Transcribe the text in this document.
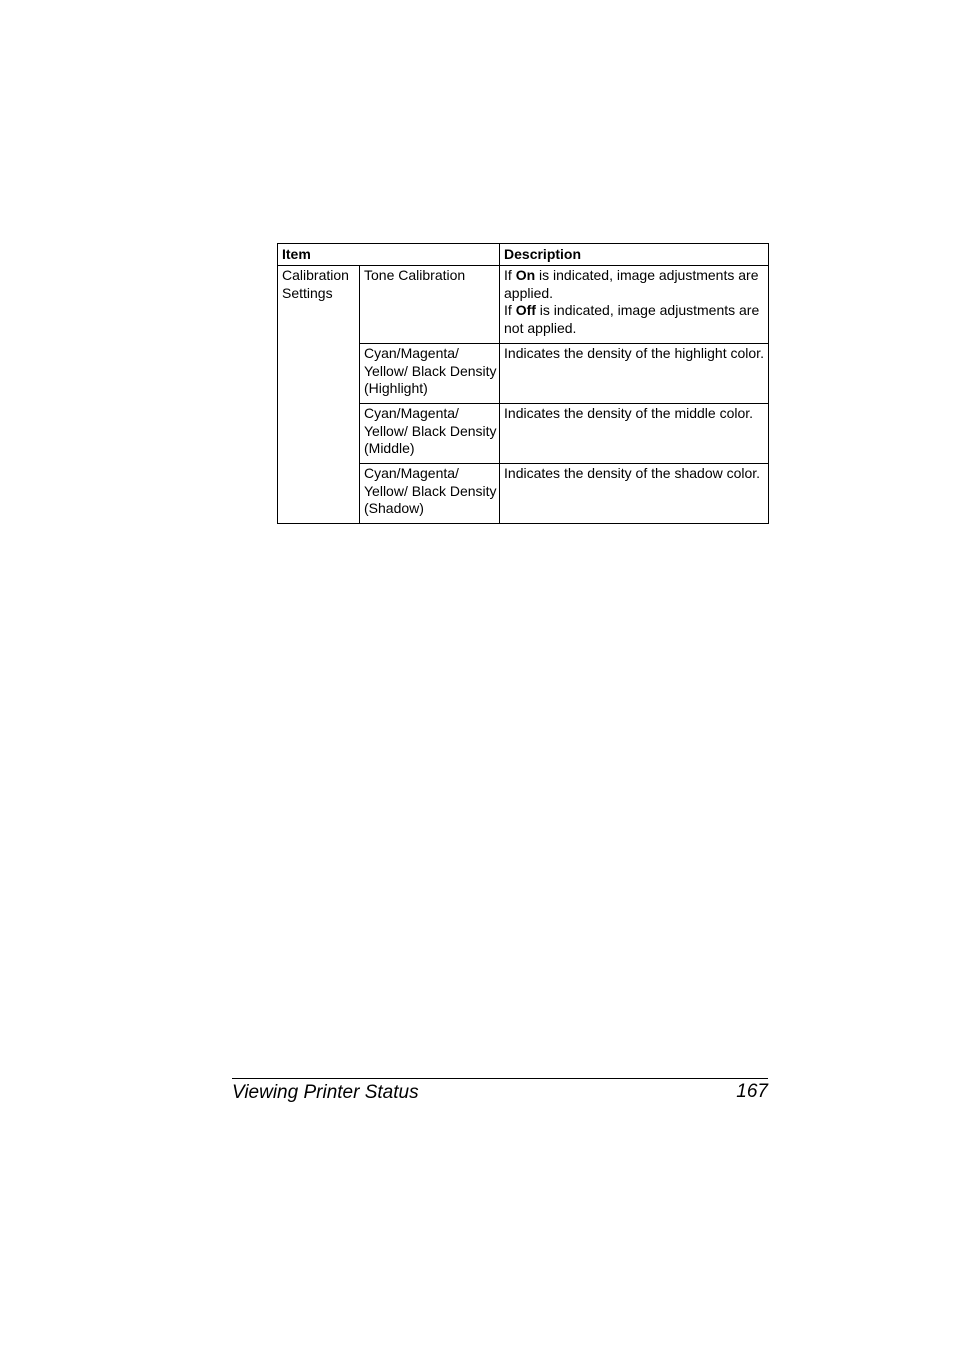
Item		Description
Calibration Settings	Tone Calibration	If On is indicated, image adjustments are applied.
If Off is indicated, image adjustments are not applied.

	Cyan/Magenta/ Yellow/ Black Density (Highlight)	Indicates the density of the highlight color.
	Cyan/Magenta/ Yellow/ Black Density (Middle)	Indicates the density of the middle color.
	Cyan/Magenta/ Yellow/ Black Density (Shadow)	Indicates the density of the shadow color.
Viewing Printer Status	167
